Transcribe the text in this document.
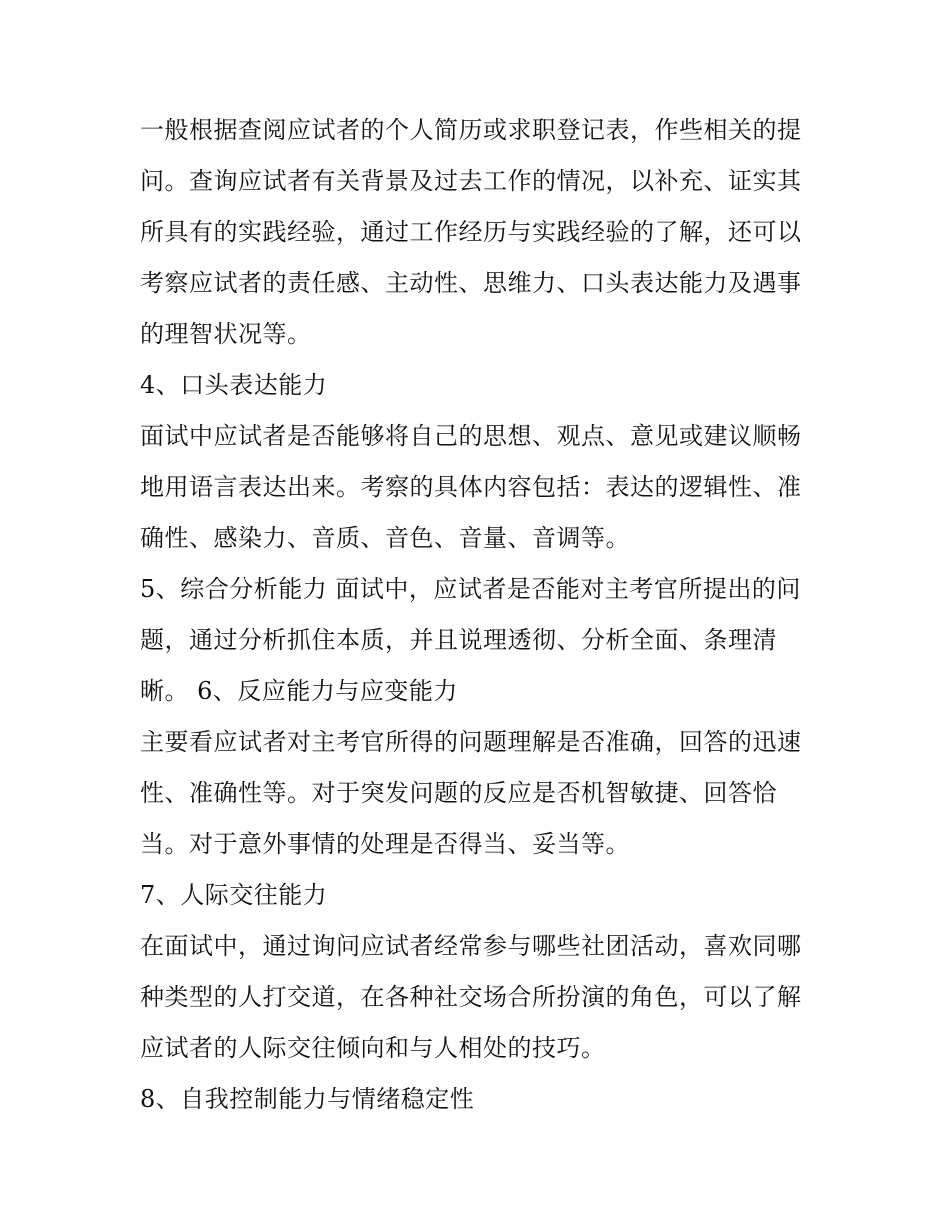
一般根据查阅应试者的个人简历或求职登记表，作些相关的提
问。查询应试者有关背景及过去工作的情况，以补充、证实其
所具有的实践经验，通过工作经历与实践经验的了解，还可以
考察应试者的责任感、主动性、思维力、口头表达能力及遇事
的理智状况等。
4、口头表达能力
面试中应试者是否能够将自己的思想、观点、意见或建议顺畅
地用语言表达出来。考察的具体内容包括：表达的逻辑性、准
确性、感染力、音质、音色、音量、音调等。
5、综合分析能力 面试中，应试者是否能对主考官所提出的问
题，通过分析抓住本质，并且说理透彻、分析全面、条理清
晰。 6、反应能力与应变能力
主要看应试者对主考官所得的问题理解是否准确，回答的迅速
性、准确性等。对于突发问题的反应是否机智敏捷、回答恰
当。对于意外事情的处理是否得当、妥当等。
7、人际交往能力
在面试中，通过询问应试者经常参与哪些社团活动，喜欢同哪
种类型的人打交道，在各种社交场合所扮演的角色，可以了解
应试者的人际交往倾向和与人相处的技巧。
8、自我控制能力与情绪稳定性
